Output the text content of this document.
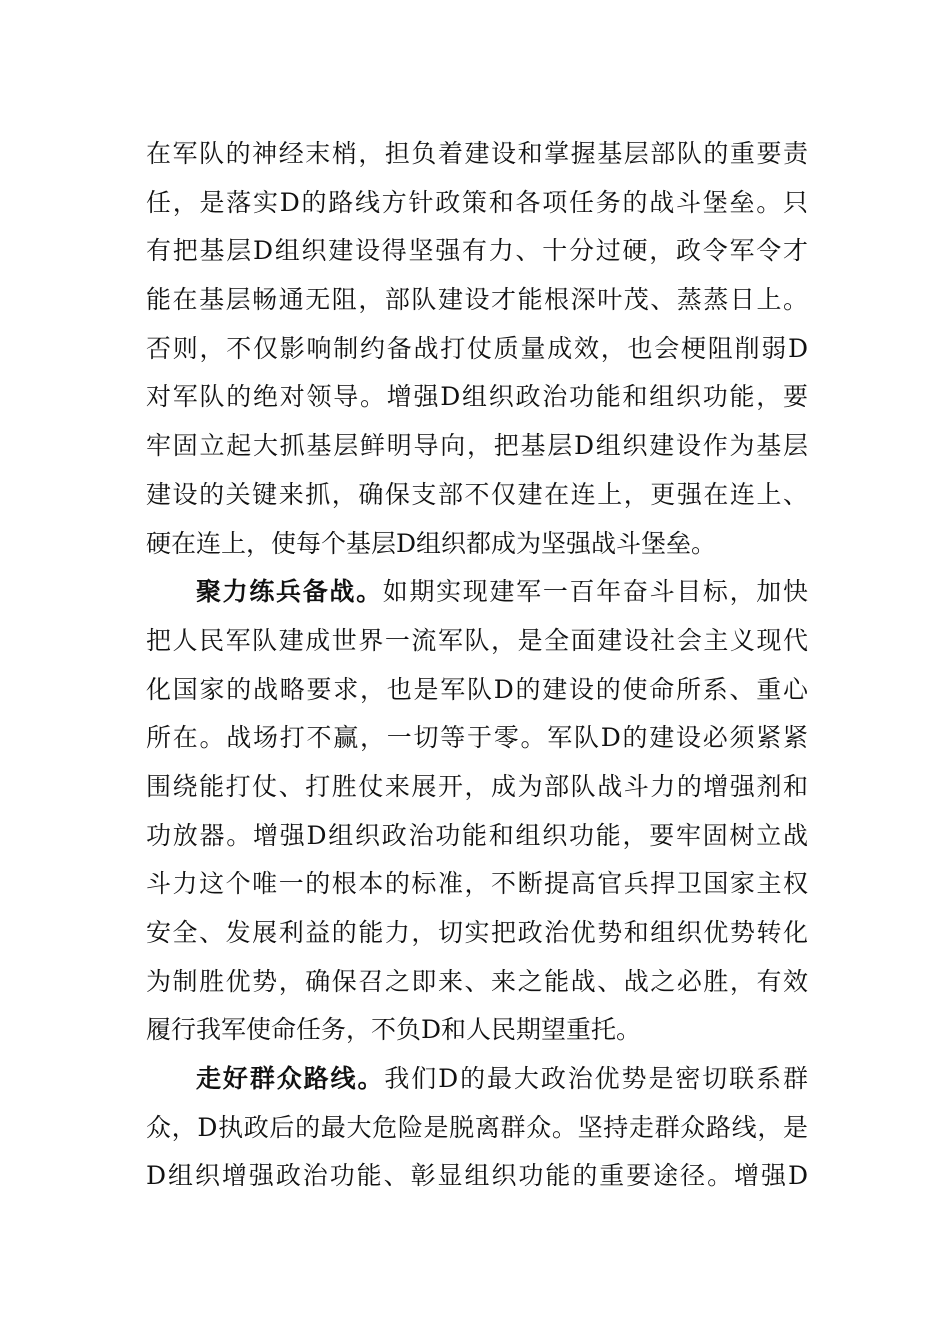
在军队的神经末梢，担负着建设和掌握基层部队的重要责
任，是落实D的路线方针政策和各项任务的战斗堡垒。只
有把基层D组织建设得坚强有力、十分过硬，政令军令才
能在基层畅通无阻，部队建设才能根深叶茂、蒸蒸日上。
否则，不仅影响制约备战打仗质量成效，也会梗阻削弱D
对军队的绝对领导。增强D组织政治功能和组织功能，要
牢固立起大抓基层鲜明导向，把基层D组织建设作为基层
建设的关键来抓，确保支部不仅建在连上，更强在连上、
硬在连上，使每个基层D组织都成为坚强战斗堡垒。
聚力练兵备战。如期实现建军一百年奋斗目标，加快
把人民军队建成世界一流军队，是全面建设社会主义现代
化国家的战略要求，也是军队D的建设的使命所系、重心
所在。战场打不赢，一切等于零。军队D的建设必须紧紧
围绕能打仗、打胜仗来展开，成为部队战斗力的增强剂和
功放器。增强D组织政治功能和组织功能，要牢固树立战
斗力这个唯一的根本的标准，不断提高官兵捍卫国家主权
安全、发展利益的能力，切实把政治优势和组织优势转化
为制胜优势，确保召之即来、来之能战、战之必胜，有效
履行我军使命任务，不负D和人民期望重托。
走好群众路线。我们D的最大政治优势是密切联系群
众，D执政后的最大危险是脱离群众。坚持走群众路线，是
D组织增强政治功能、彰显组织功能的重要途径。增强D
